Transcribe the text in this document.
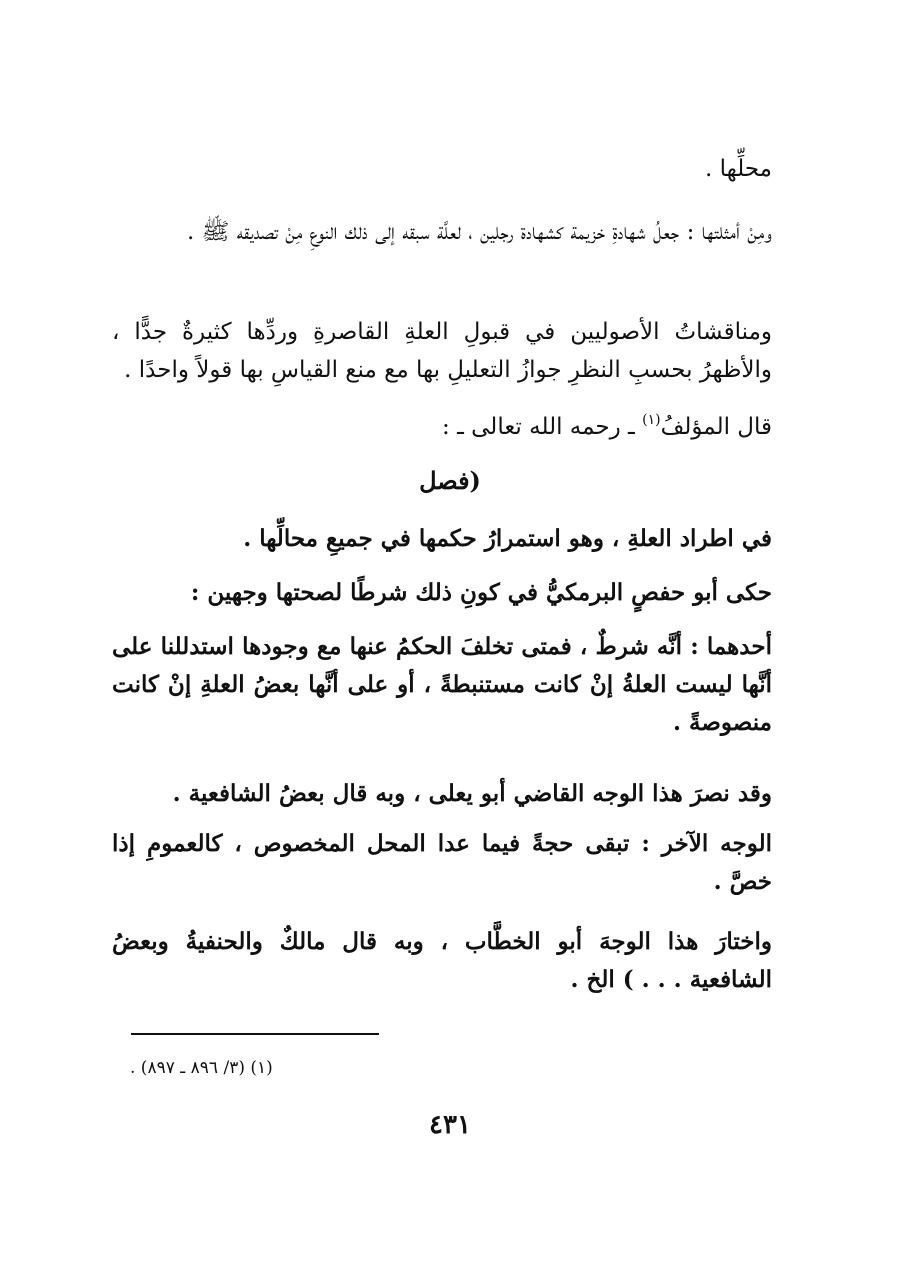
محلِّها .
ومِنْ أمثلتها : جعلُ شهادةِ خزيمة كشهادة رجلين ، لعلَّة سبقه إلى ذلك النوعِ مِنْ تصديقه ﷺ .
ومناقشاتُ الأصوليين في قبولِ العلةِ القاصرةِ وردِّها كثيرةٌ جدًّا ، والأظهرُ بحسبِ النظرِ جوازُ التعليلِ بها مع منع القياسِ بها قولاً واحدًا .
قال المؤلفُ$^{(١)}$ ـ رحمه الله تعالى ـ :
(فصل
في اطراد العلةِ ، وهو استمرارُ حكمها في جميعِ محالِّها .
حكى أبو حفصٍ البرمكيُّ في كونِ ذلك شرطًا لصحتها وجهين :
أحدهما : أنَّه شرطٌ ، فمتى تخلفَ الحكمُ عنها مع وجودها استدللنا على أنَّها ليست العلةُ إنْ كانت مستنبطةً ، أو على أنَّها بعضُ العلةِ إنْ كانت منصوصةً .
وقد نصرَ هذا الوجه القاضي أبو يعلى ، وبه قال بعضُ الشافعية .
الوجه الآخر : تبقى حجةً فيما عدا المحل المخصوص ، كالعمومِ إذا خصَّ .
واختارَ هذا الوجهَ أبو الخطَّاب ، وبه قال مالكٌ والحنفيةُ وبعضُ الشافعية . . . ) الخ .
(١) (٣/ ٨٩٦ ـ ٨٩٧) .
٤٣١
